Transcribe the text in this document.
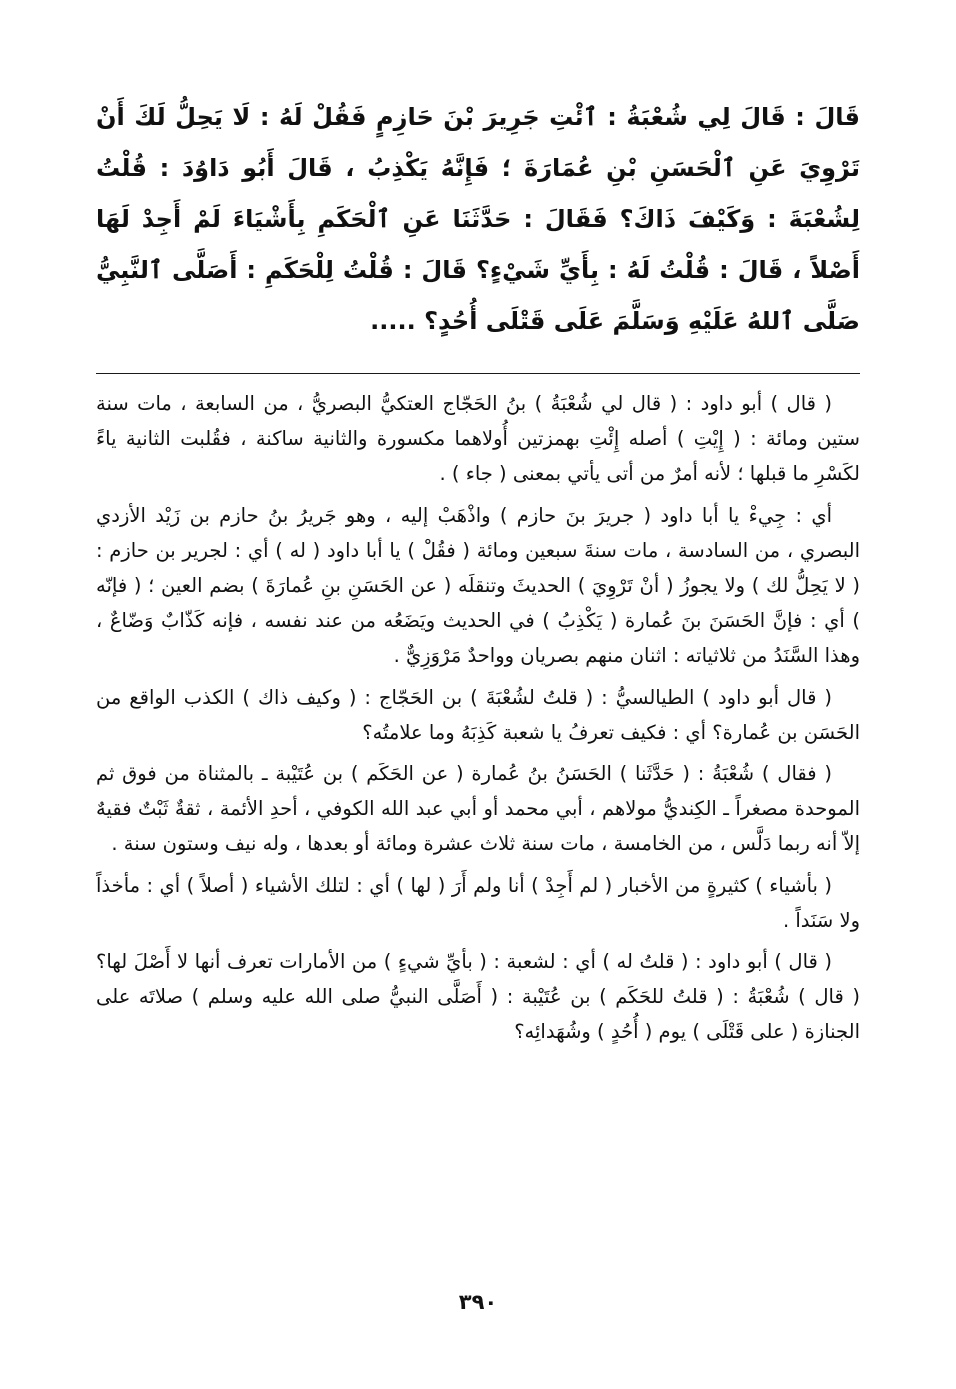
قَالَ : قَالَ لِي شُعْبَةُ : ٱئْتِ جَرِيرَ بْنَ حَازِمٍ فَقُلْ لَهُ : لَا يَحِلُّ لَكَ أَنْ تَرْوِيَ عَنِ ٱلْحَسَنِ بْنِ عُمَارَةَ ؛ فَإِنَّهُ يَكْذِبُ ، قَالَ أَبُو دَاوُدَ : قُلْتُ لِشُعْبَةَ : وَكَيْفَ ذَاكَ؟ فَقَالَ : حَدَّثَنَا عَنِ ٱلْحَكَمِ بِأَشْيَاءَ لَمْ أَجِدْ لَهَا أَصْلاً ، قَالَ : قُلْتُ لَهُ : بِأَيِّ شَيْءٍ؟ قَالَ : قُلْتُ لِلْحَكَمِ : أَصَلَّى ٱلنَّبِيُّ صَلَّى ٱللهُ عَلَيْهِ وَسَلَّمَ عَلَى قَتْلَى أُحُدٍ؟ .....

( قال ) أبو داود : ( قال لي شُعْبَةُ ) بنُ الحَجّاج العتكيُّ البصريُّ ، من السابعة ، مات سنة ستين ومائة : ( إِيْتِ ) أصله إِئْتِ بهمزتين أُولاهما مكسورة والثانية ساكنة ، فقُلبت الثانية ياءً لكَسْرِ ما قبلها ؛ لأنه أمرٌ من أتى يأتي بمعنى ( جاء ) .

أي : جِيءْ يا أبا داود ( جريرَ بنَ حازم ) واذْهَبْ إليه ، وهو جَريرُ بنُ حازم بن زَيْد الأزدي البصري ، من السادسة ، مات سنةَ سبعين ومائة ( فقُلْ ) يا أبا داود ( له ) أي : لجرير بن حازم : ( لا يَحِلُّ لك ) ولا يجوزُ ( أنْ تَرْوِيَ ) الحديثَ وتنقلَه ( عن الحَسَنِ بنِ عُمارَةَ ) بضم العين ؛ ( فإنّه ) أي : فإنَّ الحَسَنَ بنَ عُمارة ( يَكْذِبُ ) في الحديث ويَضَعُه من عند نفسه ، فإنه كَذّابٌ وَضّاعٌ ، وهذا السَّنَدُ من ثلاثياته : اثنان منهم بصريان وواحدٌ مَرْوَزِيٌّ .

( قال أبو داود ) الطيالسيُّ : ( قلتُ لشُعْبَةَ ) بن الحَجّاج : ( وكيف ذاك ) الكذب الواقع من الحَسَن بن عُمارة؟ أي : فكيف تعرفُ يا شعبة كَذِبَهُ وما علامتُه؟

( فقال ) شُعْبَةُ : ( حَدَّثَنا ) الحَسَنُ بنُ عُمارة ( عن الحَكَم ) بن عُتَيْبة ـ بالمثناة من فوق ثم الموحدة مصغراً ـ الكِنديُّ مولاهم ، أبي محمد أو أبي عبد الله الكوفي ، أحدِ الأئمة ، ثقةٌ ثَبْتٌ فقيهٌ إلاّ أنه ربما دَلَّس ، من الخامسة ، مات سنة ثلاث عشرة ومائة أو بعدها ، وله نيف وستون سنة .

( بأشياء ) كثيرةٍ من الأخبار ( لم أَجِدْ ) أنا ولم أَرَ ( لها ) أي : لتلك الأشياء ( أصلاً ) أي : مأخذاً ولا سَنَداً .

( قال ) أبو داود : ( قلتُ له ) أي : لشعبة : ( بأيِّ شيءٍ ) من الأمارات تعرف أنها لا أَصْلَ لها؟ ( قال ) شُعْبَةُ : ( قلتُ للحَكَم ) بن عُتَيْبة : ( أَصَلَّى النبيُّ صلى الله عليه وسلم ) صلاتَه على الجنازة ( على قَتْلَى ) يوم ( أُحُدٍ ) وشُهَدائِه؟

٣٩٠
